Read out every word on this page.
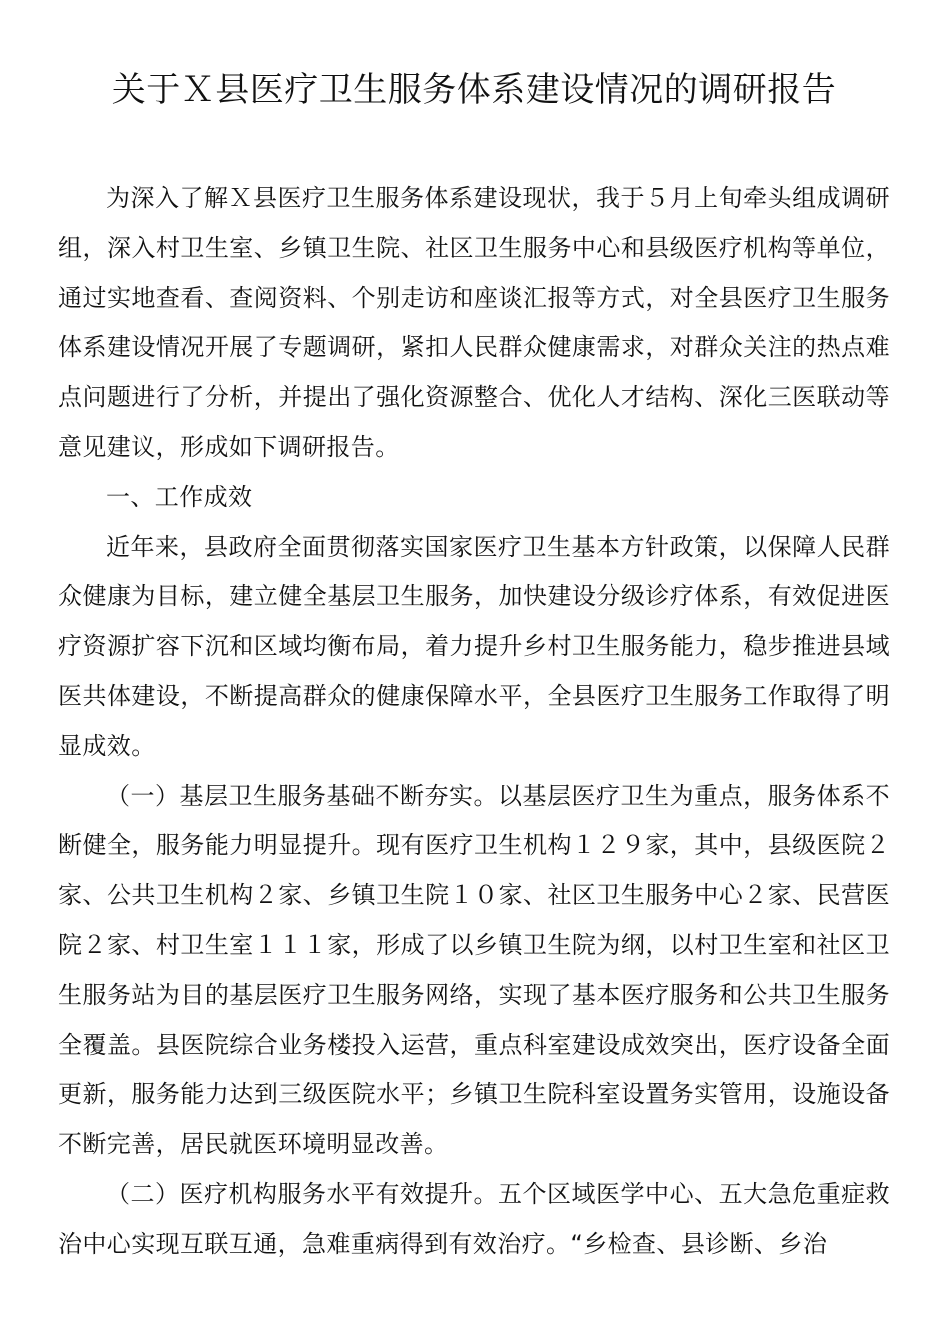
关于Ｘ县医疗卫生服务体系建设情况的调研报告

为深入了解Ｘ县医疗卫生服务体系建设现状，我于５月上旬牵头组成调研组，深入村卫生室、乡镇卫生院、社区卫生服务中心和县级医疗机构等单位，通过实地查看、查阅资料、个别走访和座谈汇报等方式，对全县医疗卫生服务体系建设情况开展了专题调研，紧扣人民群众健康需求，对群众关注的热点难点问题进行了分析，并提出了强化资源整合、优化人才结构、深化三医联动等意见建议，形成如下调研报告。

一、工作成效

近年来，县政府全面贯彻落实国家医疗卫生基本方针政策，以保障人民群众健康为目标，建立健全基层卫生服务，加快建设分级诊疗体系，有效促进医疗资源扩容下沉和区域均衡布局，着力提升乡村卫生服务能力，稳步推进县域医共体建设，不断提高群众的健康保障水平，全县医疗卫生服务工作取得了明显成效。

（一）基层卫生服务基础不断夯实。以基层医疗卫生为重点，服务体系不断健全，服务能力明显提升。现有医疗卫生机构１２９家，其中，县级医院２家、公共卫生机构２家、乡镇卫生院１０家、社区卫生服务中心２家、民营医院２家、村卫生室１１１家，形成了以乡镇卫生院为纲，以村卫生室和社区卫生服务站为目的基层医疗卫生服务网络，实现了基本医疗服务和公共卫生服务全覆盖。县医院综合业务楼投入运营，重点科室建设成效突出，医疗设备全面更新，服务能力达到三级医院水平；乡镇卫生院科室设置务实管用，设施设备不断完善，居民就医环境明显改善。

（二）医疗机构服务水平有效提升。五个区域医学中心、五大急危重症救治中心实现互联互通，急难重病得到有效治疗。“乡检查、县诊断、乡治
